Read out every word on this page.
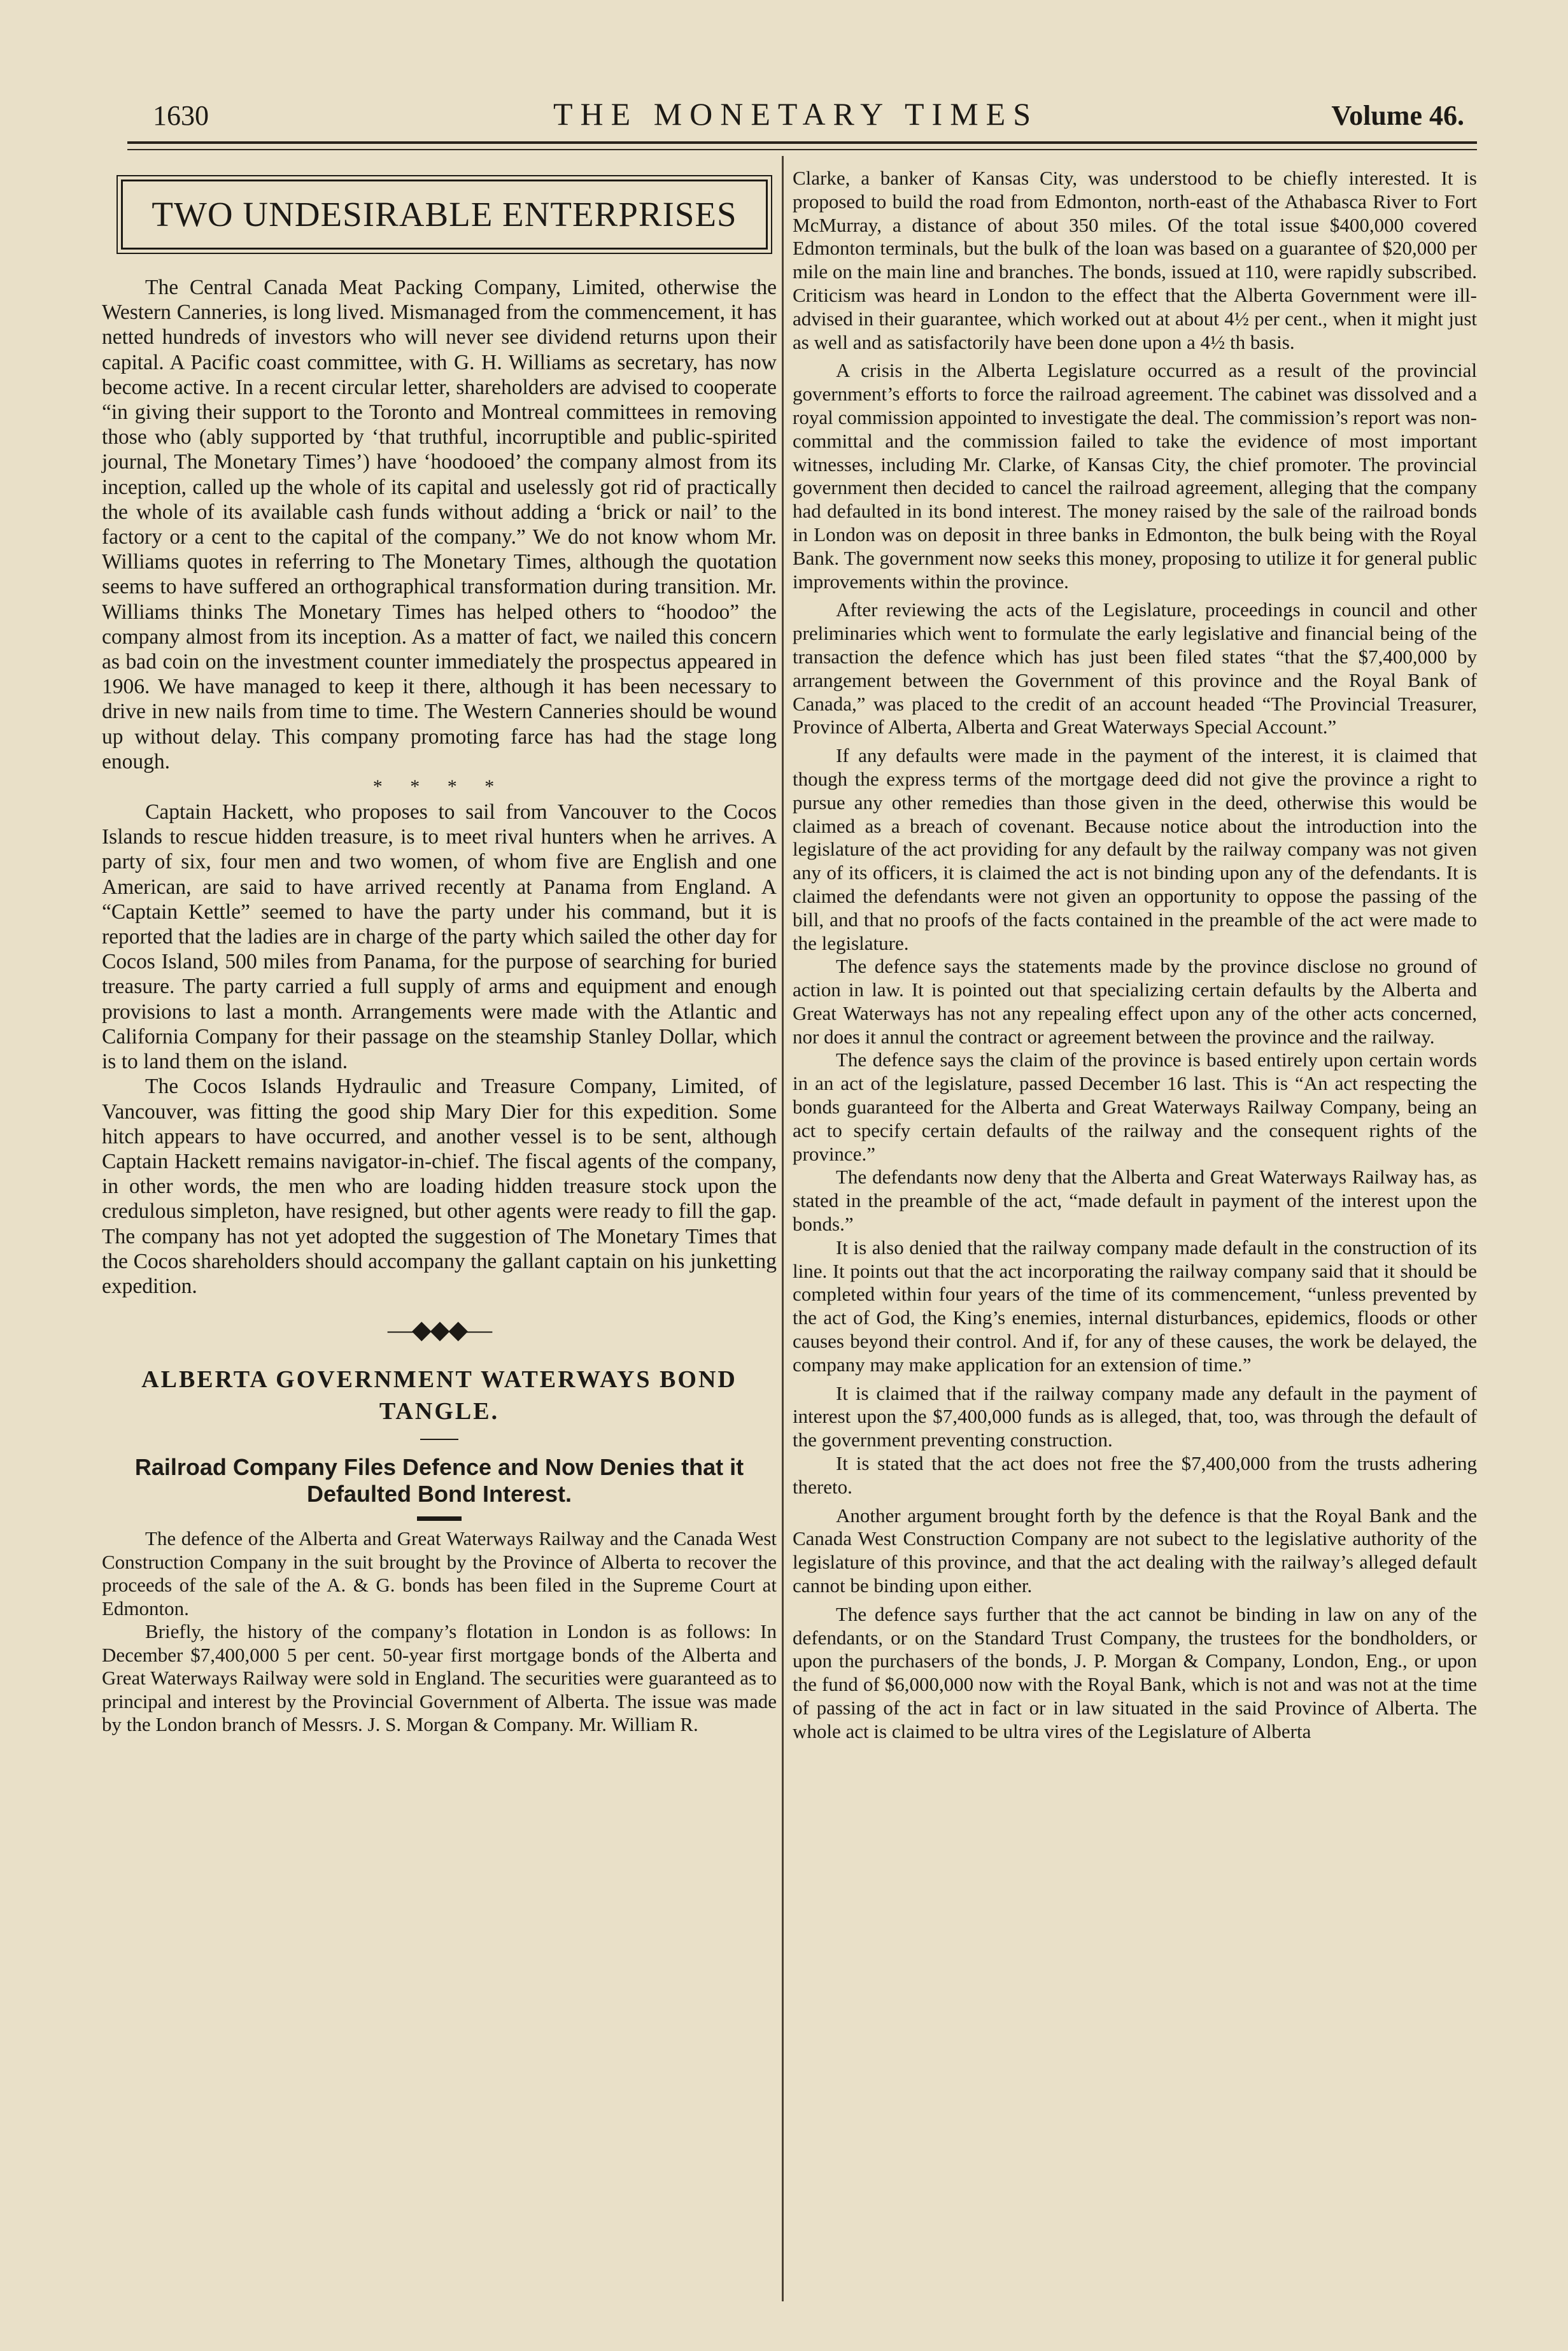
1630	THE MONETARY TIMES	Volume 46.
TWO UNDESIRABLE ENTERPRISES

The Central Canada Meat Packing Company, Limited, otherwise the Western Canneries, is long lived. Mismanaged from the commencement, it has netted hundreds of investors who will never see dividend returns upon their capital. A Pacific coast committee, with G. H. Williams as secretary, has now become active. In a recent circular letter, shareholders are advised to cooperate “in giving their support to the Toronto and Montreal committees in removing those who (ably supported by ‘that truthful, incorruptible and public-spirited journal, The Monetary Times’) have ‘hoodooed’ the company almost from its inception, called up the whole of its capital and uselessly got rid of practically the whole of its available cash funds without adding a ‘brick or nail’ to the factory or a cent to the capital of the company.” We do not know whom Mr. Williams quotes in referring to The Monetary Times, although the quotation seems to have suffered an orthographical transformation during transition. Mr. Williams thinks The Monetary Times has helped others to “hoodoo” the company almost from its inception. As a matter of fact, we nailed this concern as bad coin on the investment counter immediately the prospectus appeared in 1906. We have managed to keep it there, although it has been necessary to drive in new nails from time to time. The Western Canneries should be wound up without delay. This company promoting farce has had the stage long enough.

* * * *

Captain Hackett, who proposes to sail from Vancouver to the Cocos Islands to rescue hidden treasure, is to meet rival hunters when he arrives. A party of six, four men and two women, of whom five are English and one American, are said to have arrived recently at Panama from England. A “Captain Kettle” seemed to have the party under his command, but it is reported that the ladies are in charge of the party which sailed the other day for Cocos Island, 500 miles from Panama, for the purpose of searching for buried treasure. The party carried a full supply of arms and equipment and enough provisions to last a month. Arrangements were made with the Atlantic and California Company for their passage on the steamship Stanley Dollar, which is to land them on the island.

The Cocos Islands Hydraulic and Treasure Company, Limited, of Vancouver, was fitting the good ship Mary Dier for this expedition. Some hitch appears to have occurred, and another vessel is to be sent, although Captain Hackett remains navigator-in-chief. The fiscal agents of the company, in other words, the men who are loading hidden treasure stock upon the credulous simpleton, have resigned, but other agents were ready to fill the gap. The company has not yet adopted the suggestion of The Monetary Times that the Cocos shareholders should accompany the gallant captain on his junketting expedition.

—◆◆◆—
ALBERTA GOVERNMENT WATERWAYS BOND TANGLE.
Railroad Company Files Defence and Now Denies that it Defaulted Bond Interest.

The defence of the Alberta and Great Waterways Railway and the Canada West Construction Company in the suit brought by the Province of Alberta to recover the proceeds of the sale of the A. & G. bonds has been filed in the Supreme Court at Edmonton.

Briefly, the history of the company’s flotation in London is as follows: In December $7,400,000 5 per cent. 50-year first mortgage bonds of the Alberta and Great Waterways Railway were sold in England. The securities were guaranteed as to principal and interest by the Provincial Government of Alberta. The issue was made by the London branch of Messrs. J. S. Morgan & Company. Mr. William R.

Clarke, a banker of Kansas City, was understood to be chiefly interested. It is proposed to build the road from Edmonton, north-east of the Athabasca River to Fort McMurray, a distance of about 350 miles. Of the total issue $400,000 covered Edmonton terminals, but the bulk of the loan was based on a guarantee of $20,000 per mile on the main line and branches. The bonds, issued at 110, were rapidly subscribed. Criticism was heard in London to the effect that the Alberta Government were ill-advised in their guarantee, which worked out at about 4½ per cent., when it might just as well and as satisfactorily have been done upon a 4½ th basis.

A crisis in the Alberta Legislature occurred as a result of the provincial government’s efforts to force the railroad agreement. The cabinet was dissolved and a royal commission appointed to investigate the deal. The commission’s report was non-committal and the commission failed to take the evidence of most important witnesses, including Mr. Clarke, of Kansas City, the chief promoter. The provincial government then decided to cancel the railroad agreement, alleging that the company had defaulted in its bond interest. The money raised by the sale of the railroad bonds in London was on deposit in three banks in Edmonton, the bulk being with the Royal Bank. The government now seeks this money, proposing to utilize it for general public improvements within the province.

After reviewing the acts of the Legislature, proceedings in council and other preliminaries which went to formulate the early legislative and financial being of the transaction the defence which has just been filed states “that the $7,400,000 by arrangement between the Government of this province and the Royal Bank of Canada,” was placed to the credit of an account headed “The Provincial Treasurer, Province of Alberta, Alberta and Great Waterways Special Account.”

If any defaults were made in the payment of the interest, it is claimed that though the express terms of the mortgage deed did not give the province a right to pursue any other remedies than those given in the deed, otherwise this would be claimed as a breach of covenant. Because notice about the introduction into the legislature of the act providing for any default by the railway company was not given any of its officers, it is claimed the act is not binding upon any of the defendants. It is claimed the defendants were not given an opportunity to oppose the passing of the bill, and that no proofs of the facts contained in the preamble of the act were made to the legislature.

The defence says the statements made by the province disclose no ground of action in law. It is pointed out that specializing certain defaults by the Alberta and Great Waterways has not any repealing effect upon any of the other acts concerned, nor does it annul the contract or agreement between the province and the railway.

The defence says the claim of the province is based entirely upon certain words in an act of the legislature, passed December 16 last. This is “An act respecting the bonds guaranteed for the Alberta and Great Waterways Railway Company, being an act to specify certain defaults of the railway and the consequent rights of the province.”

The defendants now deny that the Alberta and Great Waterways Railway has, as stated in the preamble of the act, “made default in payment of the interest upon the bonds.”

It is also denied that the railway company made default in the construction of its line. It points out that the act incorporating the railway company said that it should be completed within four years of the time of its commencement, “unless prevented by the act of God, the King’s enemies, internal disturbances, epidemics, floods or other causes beyond their control. And if, for any of these causes, the work be delayed, the company may make application for an extension of time.”

It is claimed that if the railway company made any default in the payment of interest upon the $7,400,000 funds as is alleged, that, too, was through the default of the government preventing construction.

It is stated that the act does not free the $7,400,000 from the trusts adhering thereto.

Another argument brought forth by the defence is that the Royal Bank and the Canada West Construction Company are not subect to the legislative authority of the legislature of this province, and that the act dealing with the railway’s alleged default cannot be binding upon either.

The defence says further that the act cannot be binding in law on any of the defendants, or on the Standard Trust Company, the trustees for the bondholders, or upon the purchasers of the bonds, J. P. Morgan & Company, London, Eng., or upon the fund of $6,000,000 now with the Royal Bank, which is not and was not at the time of passing of the act in fact or in law situated in the said Province of Alberta. The whole act is claimed to be ultra vires of the Legislature of Alberta
